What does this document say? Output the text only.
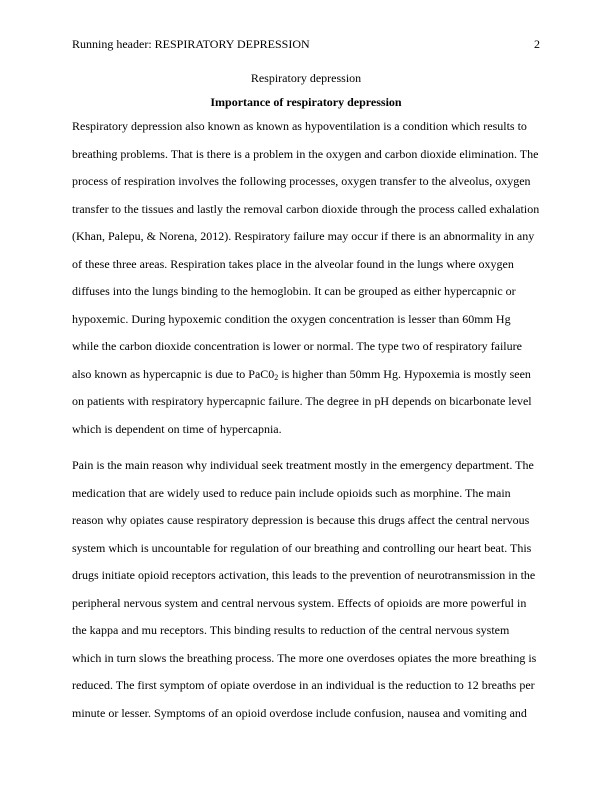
Running header: RESPIRATORY DEPRESSION	2
Respiratory depression
Importance of respiratory depression
Respiratory depression also known as known as hypoventilation is a condition which results to
breathing problems. That is there is a problem in the oxygen and carbon dioxide elimination. The
process of respiration involves the following processes, oxygen transfer to the alveolus, oxygen
transfer to the tissues and lastly the removal carbon dioxide through the process called exhalation
(Khan, Palepu, & Norena, 2012). Respiratory failure may occur if there is an abnormality in any
of these three areas. Respiration takes place in the alveolar found in the lungs where oxygen
diffuses into the lungs binding to the hemoglobin. It can be grouped as either hypercapnic or
hypoxemic. During hypoxemic condition the oxygen concentration is lesser than 60mm Hg
while the carbon dioxide concentration is lower or normal. The type two of respiratory failure
also known as hypercapnic is due to $PaC0_2$ is higher than 50mm Hg. Hypoxemia is mostly seen
on patients with respiratory hypercapnic failure. The degree in pH depends on bicarbonate level
which is dependent on time of hypercapnia.
Pain is the main reason why individual seek treatment mostly in the emergency department. The
medication that are widely used to reduce pain include opioids such as morphine. The main
reason why opiates cause respiratory depression is because this drugs affect the central nervous
system which is uncountable for regulation of our breathing and controlling our heart beat. This
drugs initiate opioid receptors activation, this leads to the prevention of neurotransmission in the
peripheral nervous system and central nervous system. Effects of opioids are more powerful in
the kappa and mu receptors. This binding results to reduction of the central nervous system
which in turn slows the breathing process. The more one overdoses opiates the more breathing is
reduced. The first symptom of opiate overdose in an individual is the reduction to 12 breaths per
minute or lesser. Symptoms of an opioid overdose include confusion, nausea and vomiting and
